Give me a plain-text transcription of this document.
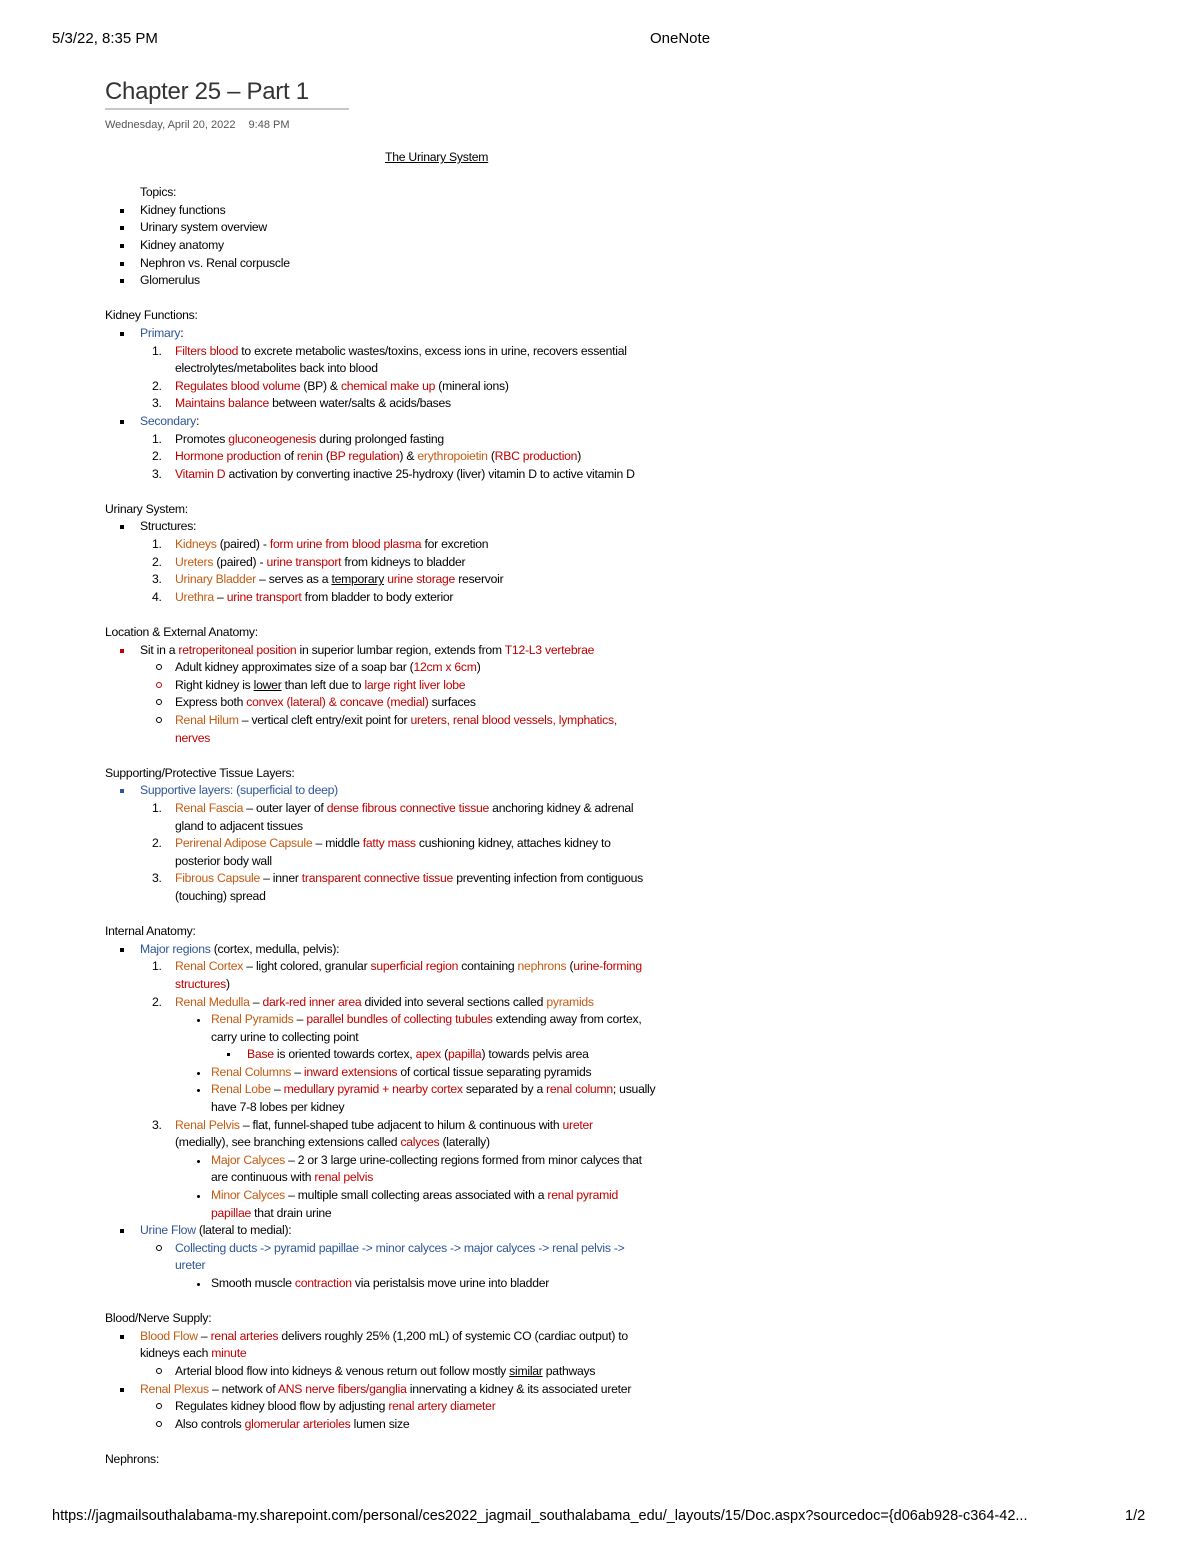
5/3/22, 8:35 PM	OneNote
Chapter 25 – Part 1
Wednesday, April 20, 2022 9:48 PM
The Urinary System
Topics:
Kidney functions
Urinary system overview
Kidney anatomy
Nephron vs. Renal corpuscle
Glomerulus
Kidney Functions:
Primary:
1. Filters blood to excrete metabolic wastes/toxins, excess ions in urine, recovers essential
electrolytes/metabolites back into blood
2. Regulates blood volume (BP) & chemical make up (mineral ions)
3. Maintains balance between water/salts & acids/bases
Secondary:
1. Promotes gluconeogenesis during prolonged fasting
2. Hormone production of renin (BP regulation) & erythropoietin (RBC production)
3. Vitamin D activation by converting inactive 25-hydroxy (liver) vitamin D to active vitamin D
Urinary System:
Structures:
1. Kidneys (paired) - form urine from blood plasma for excretion
2. Ureters (paired) - urine transport from kidneys to bladder
3. Urinary Bladder – serves as a temporary urine storage reservoir
4. Urethra – urine transport from bladder to body exterior
Location & External Anatomy:
Sit in a retroperitoneal position in superior lumbar region, extends from T12-L3 vertebrae
Adult kidney approximates size of a soap bar (12cm x 6cm)
Right kidney is lower than left due to large right liver lobe
Express both convex (lateral) & concave (medial) surfaces
Renal Hilum – vertical cleft entry/exit point for ureters, renal blood vessels, lymphatics,
nerves
Supporting/Protective Tissue Layers:
Supportive layers: (superficial to deep)
1. Renal Fascia – outer layer of dense fibrous connective tissue anchoring kidney & adrenal
gland to adjacent tissues
2. Perirenal Adipose Capsule – middle fatty mass cushioning kidney, attaches kidney to
posterior body wall
3. Fibrous Capsule – inner transparent connective tissue preventing infection from contiguous
(touching) spread
Internal Anatomy:
Major regions (cortex, medulla, pelvis):
1. Renal Cortex – light colored, granular superficial region containing nephrons (urine-forming
structures)
2. Renal Medulla – dark-red inner area divided into several sections called pyramids
Renal Pyramids – parallel bundles of collecting tubules extending away from cortex,
carry urine to collecting point
Base is oriented towards cortex, apex (papilla) towards pelvis area
Renal Columns – inward extensions of cortical tissue separating pyramids
Renal Lobe – medullary pyramid + nearby cortex separated by a renal column; usually
have 7-8 lobes per kidney
3. Renal Pelvis – flat, funnel-shaped tube adjacent to hilum & continuous with ureter
(medially), see branching extensions called calyces (laterally)
Major Calyces – 2 or 3 large urine-collecting regions formed from minor calyces that
are continuous with renal pelvis
Minor Calyces – multiple small collecting areas associated with a renal pyramid
papillae that drain urine
Urine Flow (lateral to medial):
Collecting ducts -> pyramid papillae -> minor calyces -> major calyces -> renal pelvis ->
ureter
Smooth muscle contraction via peristalsis move urine into bladder
Blood/Nerve Supply:
Blood Flow – renal arteries delivers roughly 25% (1,200 mL) of systemic CO (cardiac output) to
kidneys each minute
Arterial blood flow into kidneys & venous return out follow mostly similar pathways
Renal Plexus – network of ANS nerve fibers/ganglia innervating a kidney & its associated ureter
Regulates kidney blood flow by adjusting renal artery diameter
Also controls glomerular arterioles lumen size
Nephrons:
https://jagmailsouthalabama-my.sharepoint.com/personal/ces2022_jagmail_southalabama_edu/_layouts/15/Doc.aspx?sourcedoc={d06ab928-c364-42...	1/2
